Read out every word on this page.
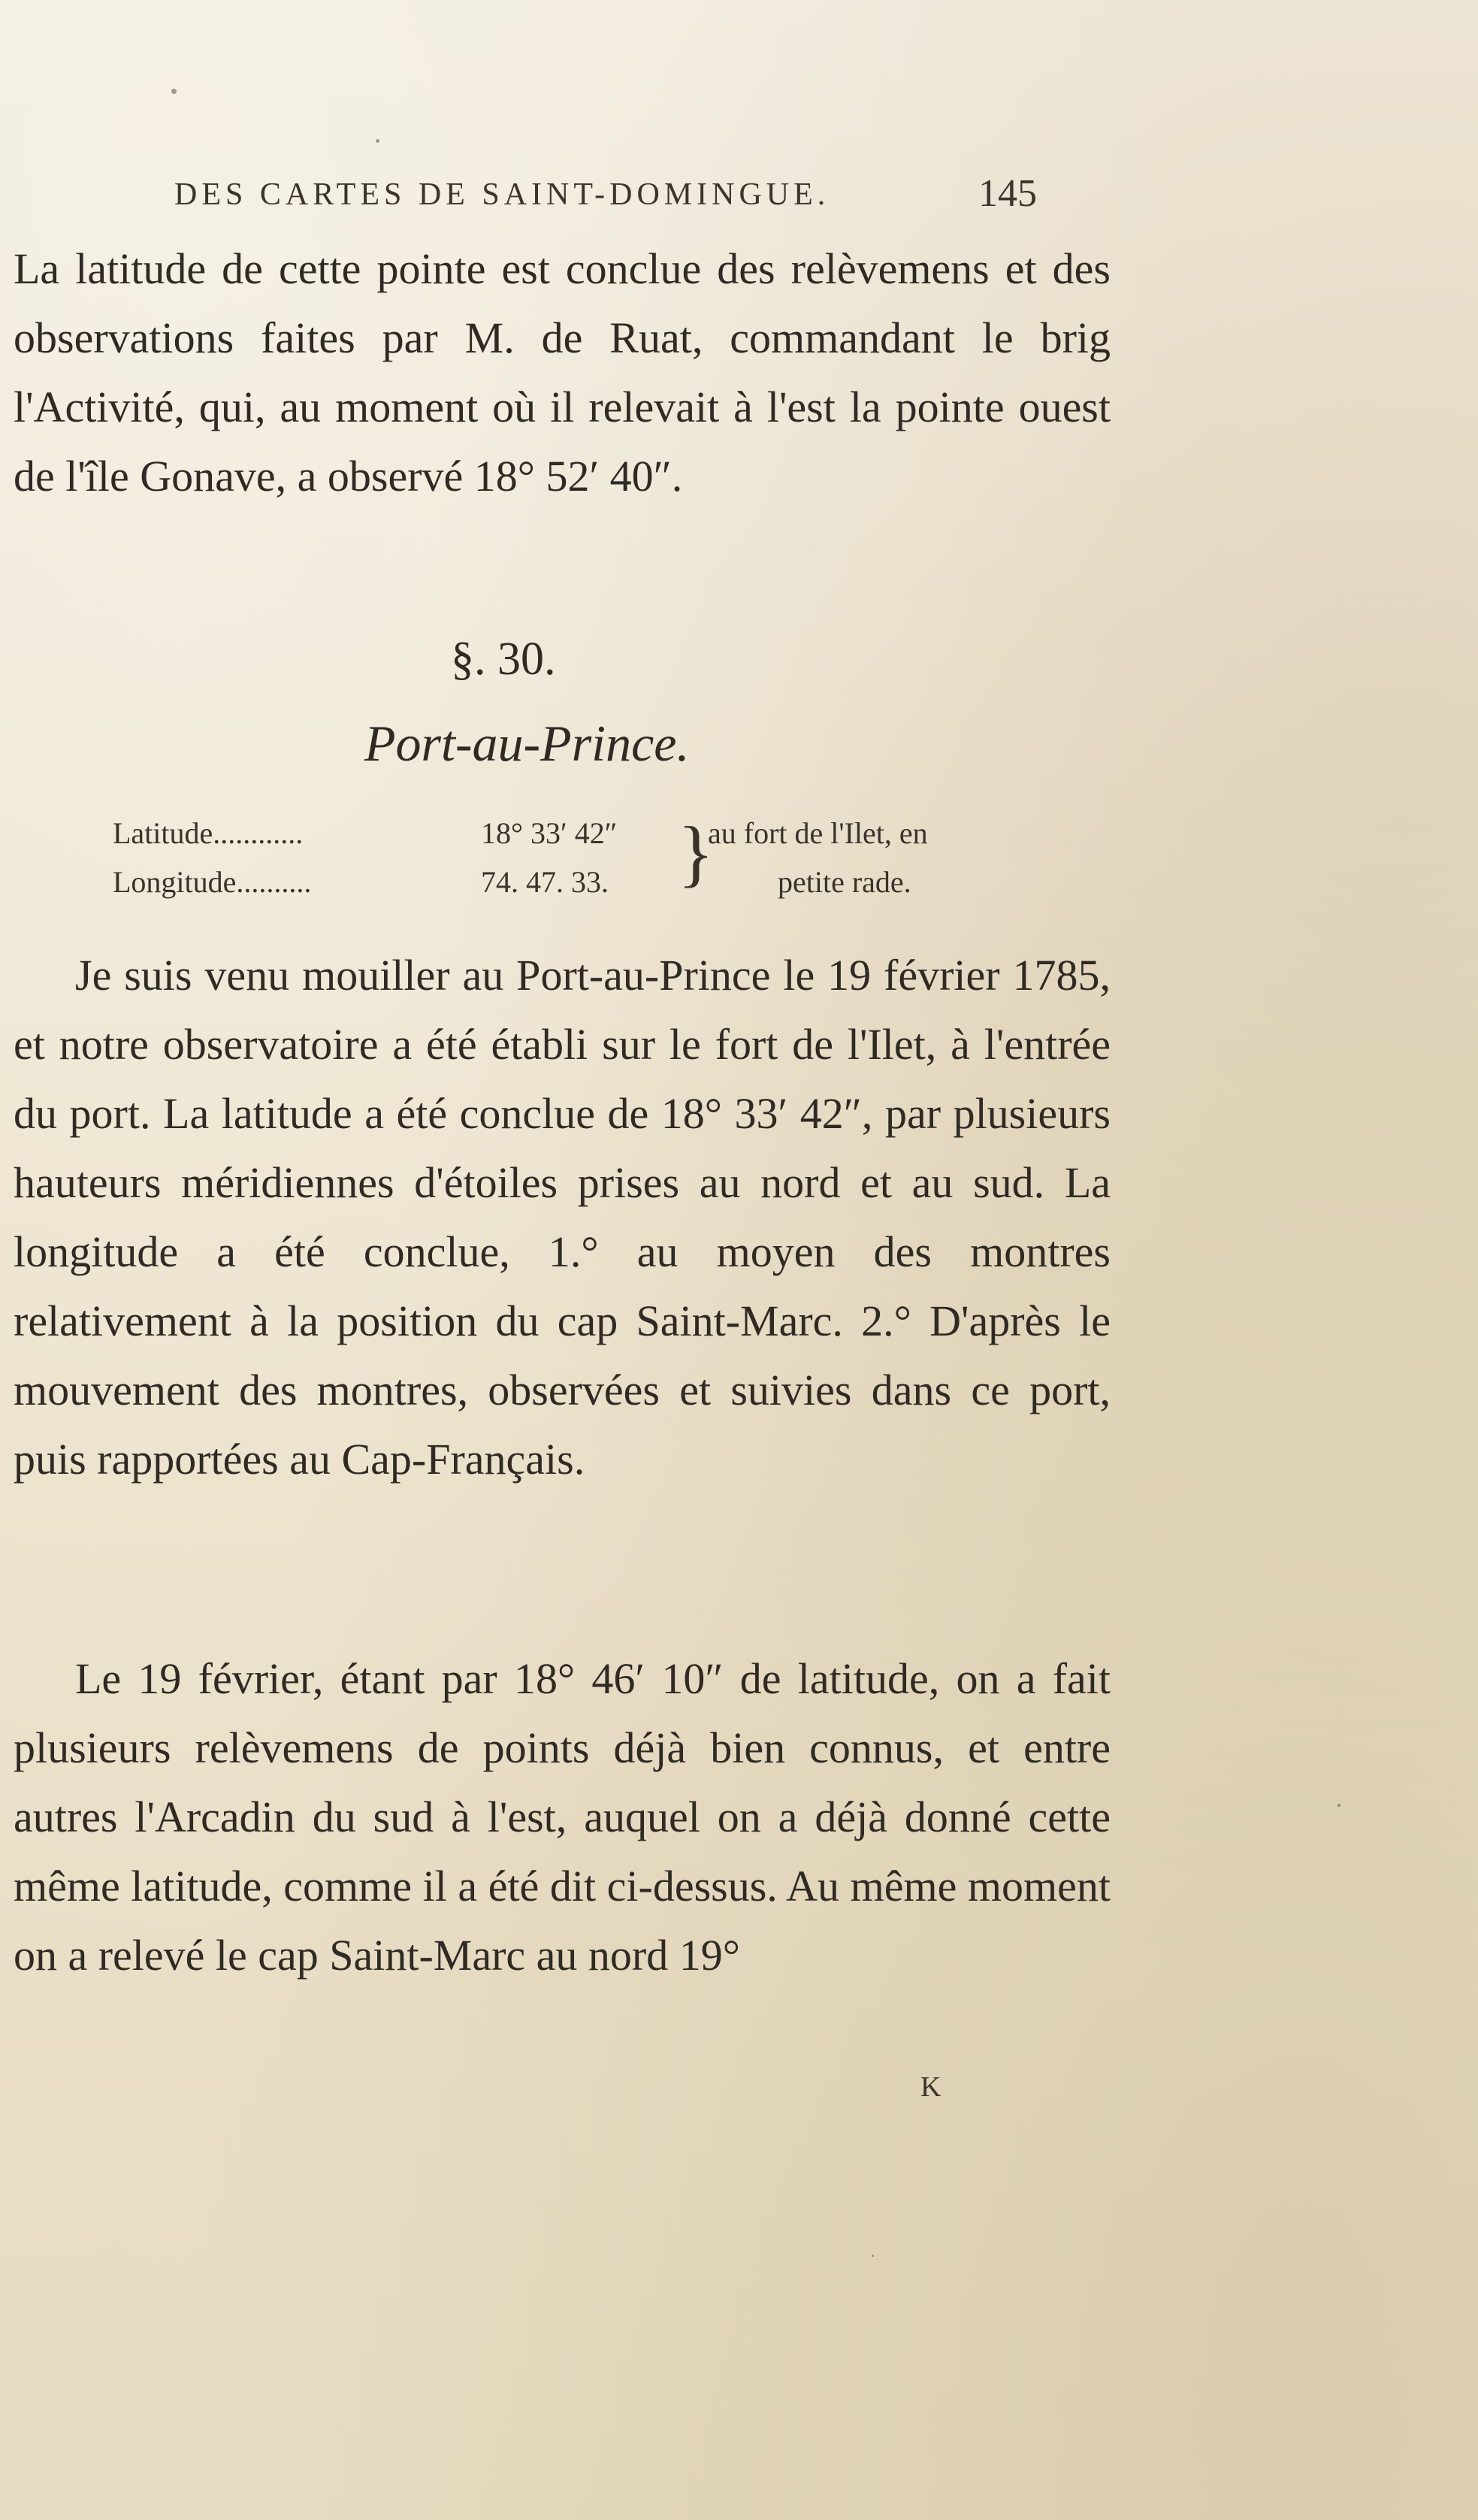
DES CARTES DE SAINT-DOMINGUE.	145

La latitude de cette pointe est conclue des relèvemens et des observations faites par M. de Ruat, commandant le brig l'Activité, qui, au moment où il relevait à l'est la pointe ouest de l'île Gonave, a observé 18° 52′ 40″.

§. 30.
Port-au-Prince.
Latitude............	18° 33′ 42″
Longitude..........	74. 47. 33. }
au fort de l'Ilet, en
petite rade.

Je suis venu mouiller au Port-au-Prince le 19 février 1785, et notre observatoire a été établi sur le fort de l'Ilet, à l'entrée du port. La latitude a été conclue de 18° 33′ 42″, par plusieurs hauteurs méridiennes d'étoiles prises au nord et au sud. La longitude a été conclue, 1.° au moyen des montres relativement à la position du cap Saint-Marc. 2.° D'après le mouvement des montres, observées et suivies dans ce port, puis rapportées au Cap-Français.

Le 19 février, étant par 18° 46′ 10″ de latitude, on a fait plusieurs relèvemens de points déjà bien connus, et entre autres l'Arcadin du sud à l'est, auquel on a déjà donné cette même latitude, comme il a été dit ci-dessus. Au même moment on a relevé le cap Saint-Marc au nord 19°

K
